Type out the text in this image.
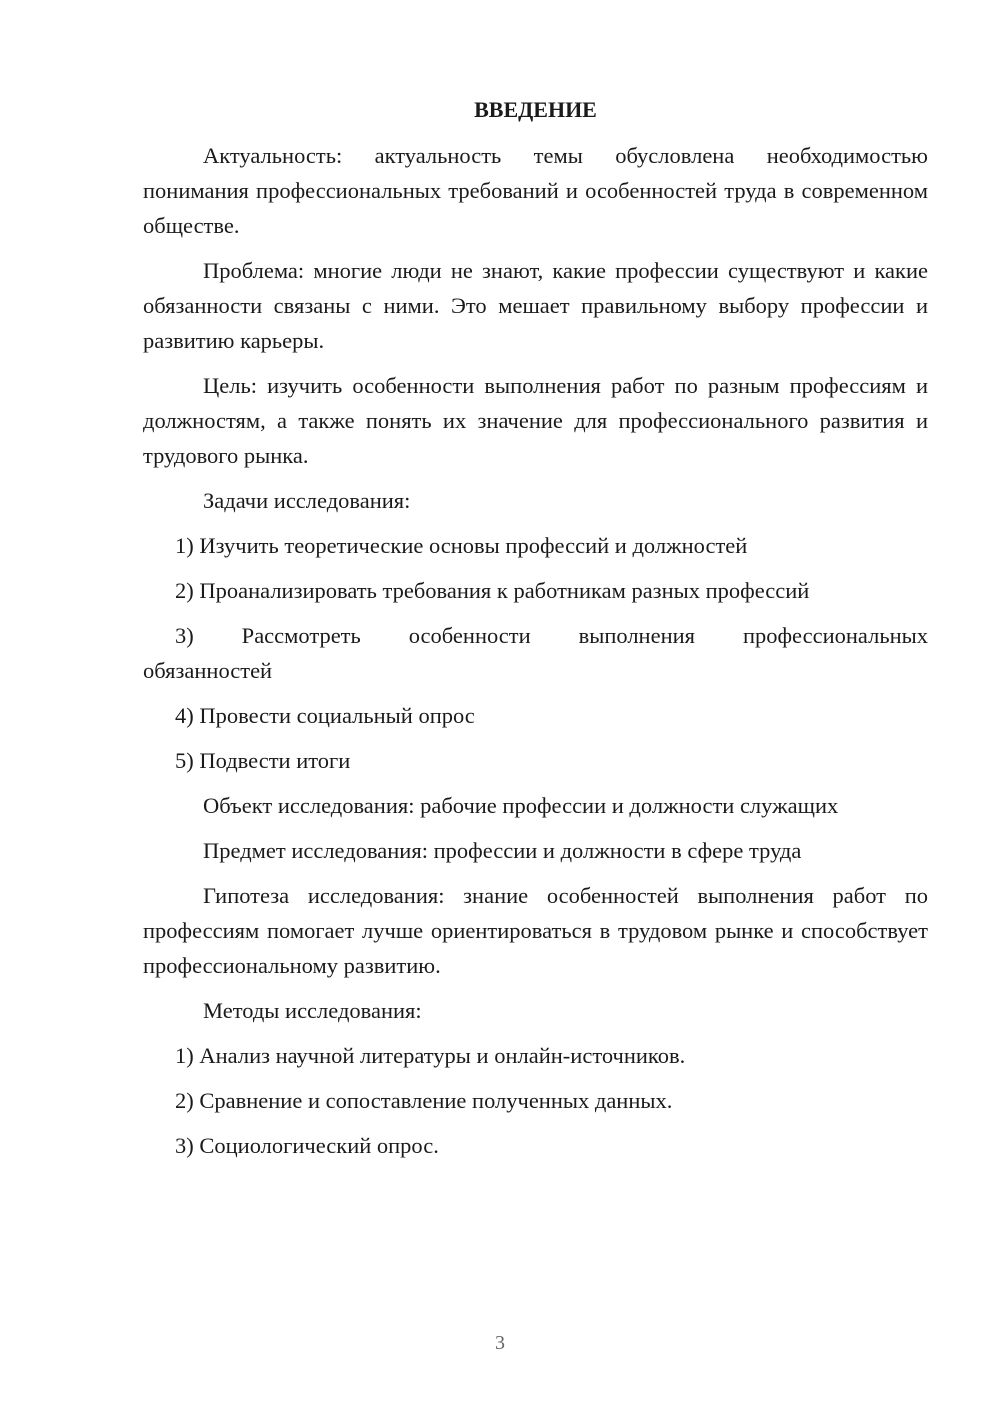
ВВЕДЕНИЕ
Актуальность: актуальность темы обусловлена необходимостью понимания профессиональных требований и особенностей труда в современном обществе.
Проблема: многие люди не знают, какие профессии существуют и какие обязанности связаны с ними. Это мешает правильному выбору профессии и развитию карьеры.
Цель: изучить особенности выполнения работ по разным профессиям и должностям, а также понять их значение для профессионального развития и трудового рынка.
Задачи исследования:
1) Изучить теоретические основы профессий и должностей
2) Проанализировать требования к работникам разных профессий
3) Рассмотреть особенности выполнения профессиональных
обязанностей
4) Провести социальный опрос
5) Подвести итоги
Объект исследования: рабочие профессии и должности служащих
Предмет исследования: профессии и должности в сфере труда
Гипотеза исследования: знание особенностей выполнения работ по профессиям помогает лучше ориентироваться в трудовом рынке и способствует профессиональному развитию.
Методы исследования:
1) Анализ научной литературы и онлайн-источников.
2) Сравнение и сопоставление полученных данных.
3) Социологический опрос.
3
